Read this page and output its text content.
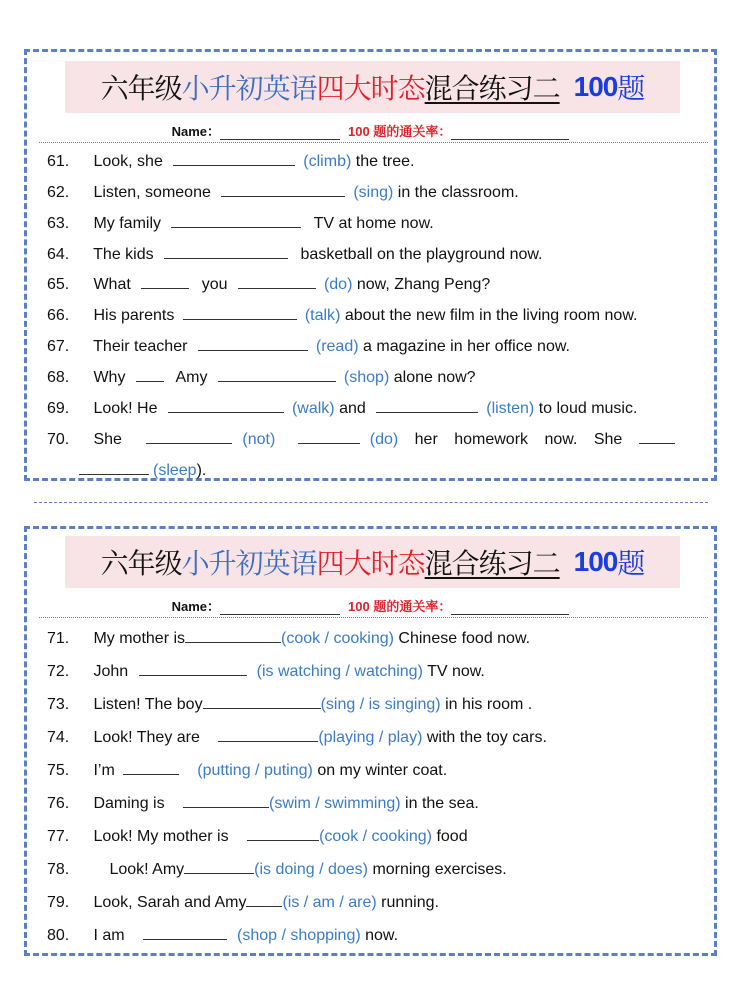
六年级 小升初英语 四大时态 混合练习二 100 题
Name：	100 题的通关率：
61. Look, she	(climb) the tree.
62. Listen, someone	(sing) in the classroom.
63. My family	TV at home now.
64. The kids	basketball on the playground now.
65. What	you	(do) now, Zhang Peng?
66. His parents	(talk) about the new film in the living room now.
67. Their teacher	(read) a magazine in her office now.
68. Why	Amy	(shop) alone now?
69. Look! He	(walk) and	(listen) to loud music.
70. She	(not)	(do) her homework now. She
(sleep).
六年级 小升初英语 四大时态 混合练习二 100 题
Name：	100 题的通关率：
71. My mother is	(cook / cooking) Chinese food now.
72. John	(is watching / watching) TV now.
73. Listen! The boy	(sing / is singing) in his room .
74. Look! They are	(playing / play) with the toy cars.
75. I’m	(putting / puting) on my winter coat.
76. Daming is	(swim / swimming) in the sea.
77. Look! My mother is	(cook / cooking) food
78.	Look! Amy	(is doing / does) morning exercises.
79. Look, Sarah and Amy (is / am / are) running.
80. I am	(shop / shopping) now.
